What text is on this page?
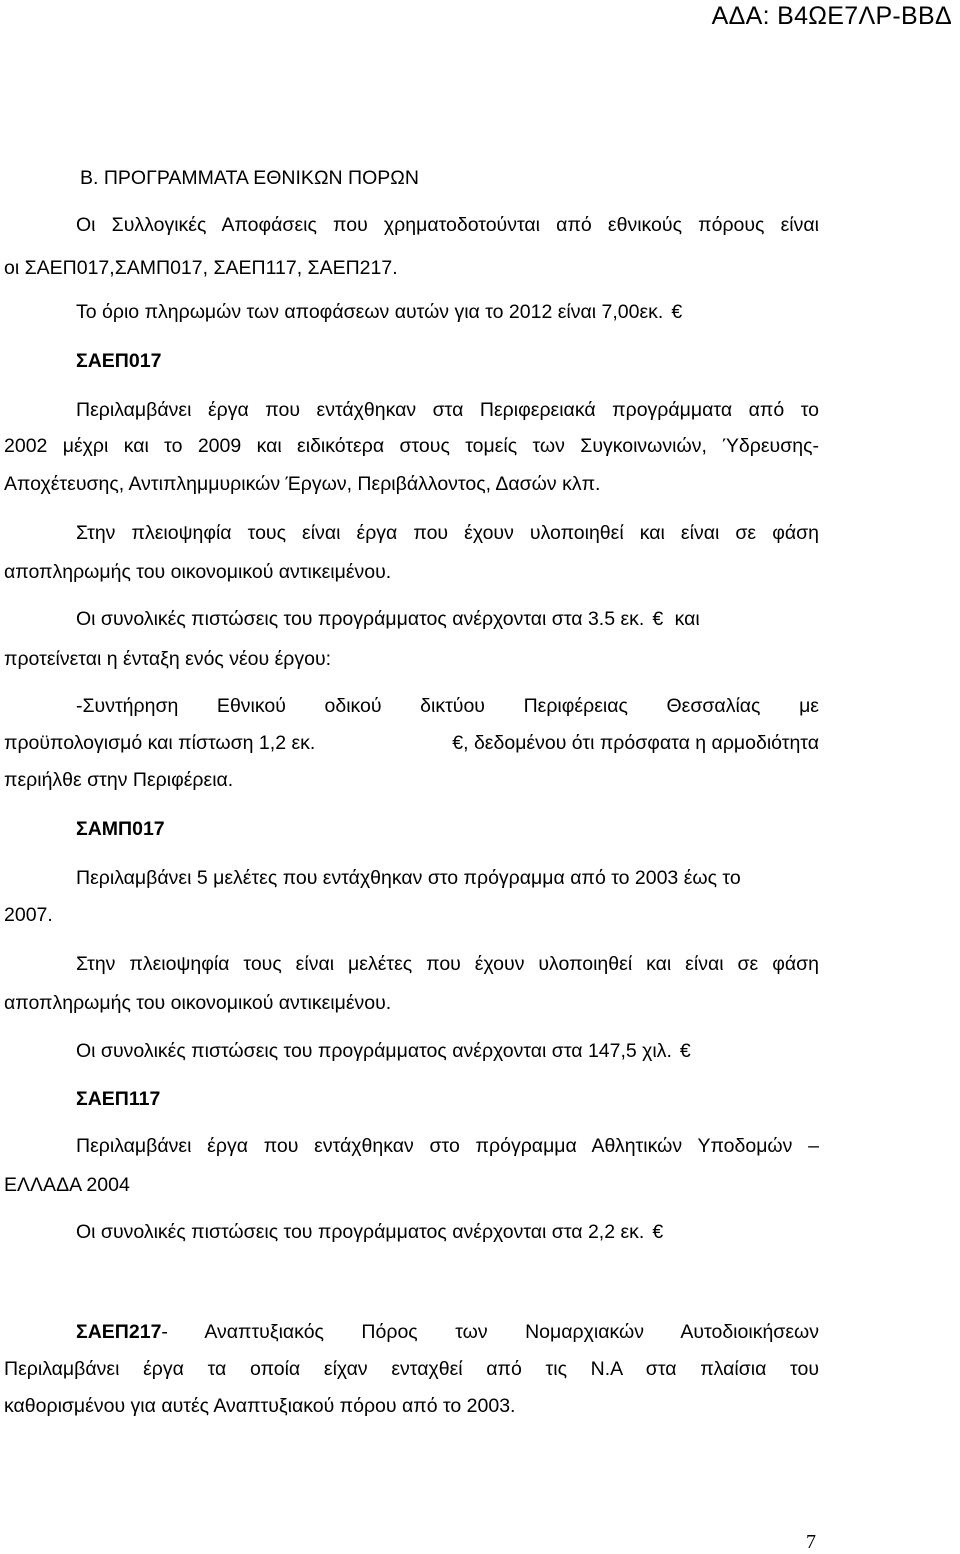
ΑΔΑ: Β4ΩΕ7ΛΡ-ΒΒΔ
Β. ΠΡΟΓΡΑΜΜΑΤΑ ΕΘΝΙΚΩΝ ΠΟΡΩΝ
Οι Συλλογικές Αποφάσεις που χρηματοδοτούνται από εθνικούς πόρους είναι
οι ΣΑΕΠ017,ΣΑΜΠ017, ΣΑΕΠ117, ΣΑΕΠ217.
Το όριο πληρωμών των αποφάσεων αυτών για το 2012 είναι 7,00εκ. €
ΣΑΕΠ017
Περιλαμβάνει έργα που εντάχθηκαν στα Περιφερειακά προγράμματα από το
2002 μέχρι και το 2009 και ειδικότερα στους τομείς των Συγκοινωνιών, Ύδρευσης-
Αποχέτευσης, Αντιπλημμυρικών Έργων, Περιβάλλοντος, Δασών κλπ.
Στην πλειοψηφία τους είναι έργα που έχουν υλοποιηθεί και είναι σε φάση
αποπληρωμής του οικονομικού αντικειμένου.
Οι συνολικές πιστώσεις του προγράμματος ανέρχονται στα 3.5 εκ. € και
προτείνεται η ένταξη ενός νέου έργου:
-Συντήρηση Εθνικού οδικού δικτύου Περιφέρειας Θεσσαλίας με
προϋπολογισμό και πίστωση 1,2 εκ.	€, δεδομένου ότι πρόσφατα η αρμοδιότητα
περιήλθε στην Περιφέρεια.
ΣΑΜΠ017
Περιλαμβάνει 5 μελέτες που εντάχθηκαν στο πρόγραμμα από το 2003 έως το
2007.
Στην πλειοψηφία τους είναι μελέτες που έχουν υλοποιηθεί και είναι σε φάση
αποπληρωμής του οικονομικού αντικειμένου.
Οι συνολικές πιστώσεις του προγράμματος ανέρχονται στα 147,5 χιλ. €
ΣΑΕΠ117
Περιλαμβάνει έργα που εντάχθηκαν στο πρόγραμμα Αθλητικών Υποδομών –
ΕΛΛΑΔΑ 2004
Οι συνολικές πιστώσεις του προγράμματος ανέρχονται στα 2,2 εκ. €
ΣΑΕΠ217 - Αναπτυξιακός Πόρος των Νομαρχιακών Αυτοδιοικήσεων
Περιλαμβάνει έργα τα οποία είχαν ενταχθεί από τις Ν.Α στα πλαίσια του
καθορισμένου για αυτές Αναπτυξιακού πόρου από το 2003.
7
